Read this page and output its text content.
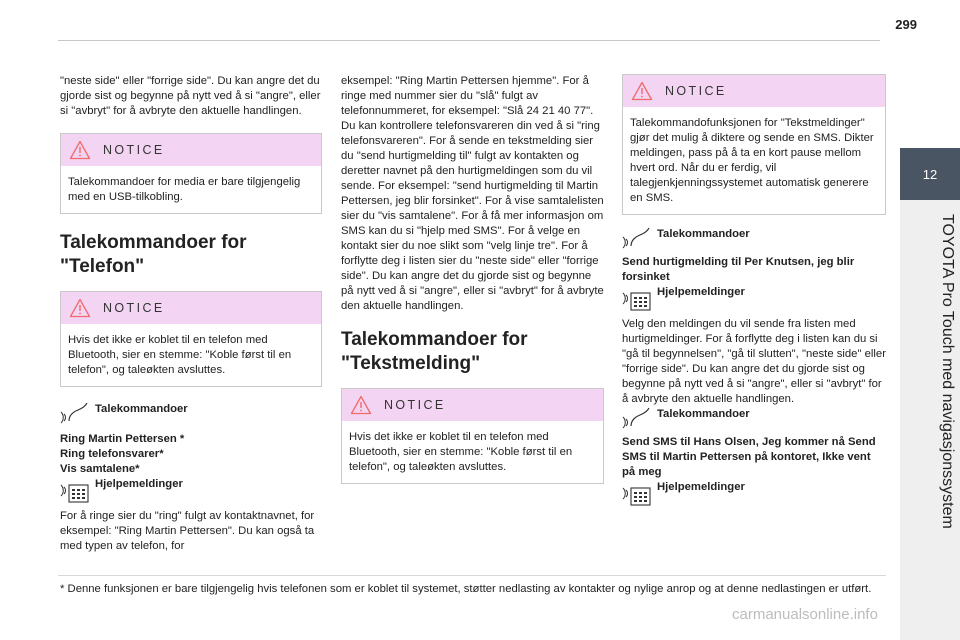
299
12
TOYOTA Pro Touch med navigasjonssystem

"neste side" eller "forrige side". Du kan angre det du gjorde sist og begynne på nytt ved å si "angre", eller si "avbryt" for å avbryte den aktuelle handlingen.

NOTICE
Talekommandoer for media er bare tilgjengelig med en USB-tilkobling.
Talekommandoer for "Telefon"
NOTICE
Hvis det ikke er koblet til en telefon med Bluetooth, sier en stemme: "Koble først til en telefon", og taleøkten avsluttes.
Talekommandoer

Ring Martin Pettersen *

Ring telefonsvarer*

Vis samtalene*

Hjelpemeldinger

For å ringe sier du "ring" fulgt av kontaktnavnet, for eksempel: "Ring Martin Pettersen". Du kan også ta med typen av telefon, for

eksempel: "Ring Martin Pettersen hjemme". For å ringe med nummer sier du "slå" fulgt av telefonnummeret, for eksempel: "Slå 24 21 40 77". Du kan kontrollere telefonsvareren din ved å si "ring telefonsvareren". For å sende en tekstmelding sier du "send hurtigmelding til" fulgt av kontakten og deretter navnet på den hurtigmeldingen som du vil sende. For eksempel: "send hurtigmelding til Martin Pettersen, jeg blir forsinket". For å vise samtalelisten sier du "vis samtalene". For å få mer informasjon om SMS kan du si "hjelp med SMS". For å velge en kontakt sier du noe slikt som "velg linje tre". For å forflytte deg i listen sier du "neste side" eller "forrige side". Du kan angre det du gjorde sist og begynne på nytt ved å si "angre", eller si "avbryt" for å avbryte den aktuelle handlingen.

Talekommandoer for "Tekstmelding"
NOTICE
Hvis det ikke er koblet til en telefon med Bluetooth, sier en stemme: "Koble først til en telefon", og taleøkten avsluttes.
NOTICE
Talekommandofunksjonen for "Tekstmeldinger" gjør det mulig å diktere og sende en SMS. Dikter meldingen, pass på å ta en kort pause mellom hvert ord. Når du er ferdig, vil talegjenkjenningssystemet automatisk generere en SMS.
Talekommandoer

Send hurtigmelding til Per Knutsen, jeg blir forsinket

Hjelpemeldinger

Velg den meldingen du vil sende fra listen med hurtigmeldinger. For å forflytte deg i listen kan du si "gå til begynnelsen", "gå til slutten", "neste side" eller "forrige side". Du kan angre det du gjorde sist og begynne på nytt ved å si "angre", eller si "avbryt" for å avbryte den aktuelle handlingen.

Talekommandoer

Send SMS til Hans Olsen, Jeg kommer nå Send SMS til Martin Pettersen på kontoret, Ikke vent på meg

Hjelpemeldinger

* Denne funksjonen er bare tilgjengelig hvis telefonen som er koblet til systemet, støtter nedlasting av kontakter og nylige anrop og at denne nedlastingen er utført.

carmanualsonline.info
